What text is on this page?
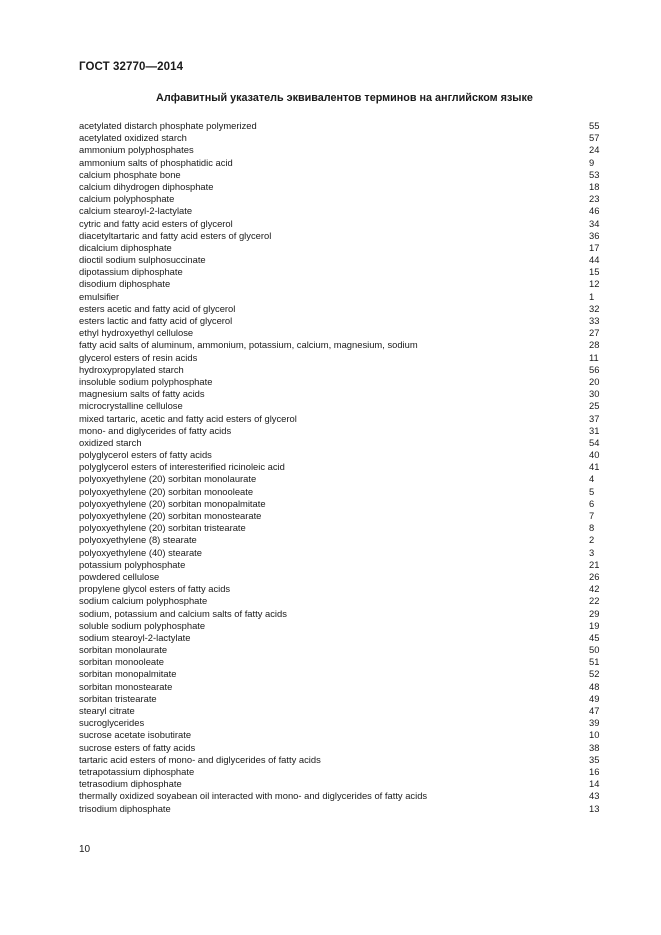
ГОСТ 32770—2014
Алфавитный указатель эквивалентов терминов на английском языке
acetylated distarch phosphate polymerized	55
acetylated oxidized starch	57
ammonium polyphosphates	24
ammonium salts of phosphatidic acid	9
calcium phosphate bone	53
calcium dihydrogen diphosphate	18
calcium polyphosphate	23
calcium stearoyl-2-lactylate	46
cytric and fatty acid esters of glycerol	34
diacetyltartaric and fatty acid esters of glycerol	36
dicalcium diphosphate	17
dioctil sodium sulphosuccinate	44
dipotassium diphosphate	15
disodium diphosphate	12
emulsifier	1
esters acetic and fatty acid of glycerol	32
esters lactic and fatty acid of glycerol	33
ethyl hydroxyethyl cellulose	27
fatty acid salts of aluminum, ammonium, potassium, calcium, magnesium, sodium	28
glycerol esters of resin acids	11
hydroxypropylated starch	56
insoluble sodium polyphosphate	20
magnesium salts of fatty acids	30
microcrystalline cellulose	25
mixed tartaric, acetic and fatty acid esters of glycerol	37
mono- and diglycerides of fatty acids	31
oxidized starch	54
polyglycerol esters of fatty acids	40
polyglycerol esters of interesterified ricinoleic acid	41
polyoxyethylene (20) sorbitan monolaurate	4
polyoxyethylene (20) sorbitan monooleate	5
polyoxyethylene (20) sorbitan monopalmitate	6
polyoxyethylene (20) sorbitan monostearate	7
polyoxyethylene (20) sorbitan tristearate	8
polyoxyethylene (8) stearate	2
polyoxyethylene (40) stearate	3
potassium polyphosphate	21
powdered cellulose	26
propylene glycol esters of fatty acids	42
sodium calcium polyphosphate	22
sodium, potassium and calcium salts of fatty acids	29
soluble sodium polyphosphate	19
sodium stearoyl-2-lactylate	45
sorbitan monolaurate	50
sorbitan monooleate	51
sorbitan monopalmitate	52
sorbitan monostearate	48
sorbitan tristearate	49
stearyl citrate	47
sucroglycerides	39
sucrose acetate isobutirate	10
sucrose esters of fatty acids	38
tartaric acid esters of mono- and diglycerides of fatty acids	35
tetrapotassium diphosphate	16
tetrasodium diphosphate	14
thermally oxidized soyabean oil interacted with mono- and diglycerides of fatty acids	43
trisodium diphosphate	13
10
